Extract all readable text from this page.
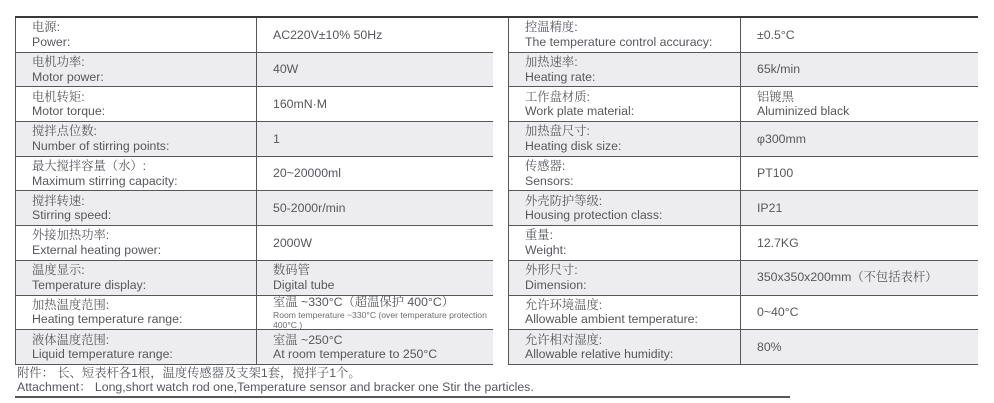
电源:
Power:
AC220V±10% 50Hz
电机功率:
Motor power:
40W
电机转矩:
Motor torque:
160mN·M
搅拌点位数:
Number of stirring points:
1
最大搅拌容量（水）:
Maximum stirring capacity:
20~20000ml
搅拌转速:
Stirring speed:
50-2000r/min
外接加热功率:
External heating power:
2000W
温度显示:
Temperature display:
数码管
Digital tube
加热温度范围:
Heating temperature range:
室温 ~330°C（超温保护 400°C）
Room temperature ~330°C (over temperature protection 400°C )
液体温度范围:
Liquid temperature range:
室温 ~250°C
At room temperature to 250°C
控温精度:
The temperature control accuracy:
±0.5°C
加热速率:
Heating rate:
65k/min
工作盘材质:
Work plate material:
铝镀黑
Aluminized black
加热盘尺寸:
Heating disk size:
φ300mm
传感器:
Sensors:
PT100
外壳防护等级:
Housing protection class:
IP21
重量:
Weight:
12.7KG
外形尺寸:
Dimension:
350x350x200mm（不包括表杆）
允许环境温度:
Allowable ambient temperature:
0~40°C
允许相对湿度:
Allowable relative humidity:
80%
附件： 长、短表杆各1根，温度传感器及支架1套，搅拌子1个。
Attachment： Long,short watch rod one,Temperature sensor and bracker one Stir the particles.
